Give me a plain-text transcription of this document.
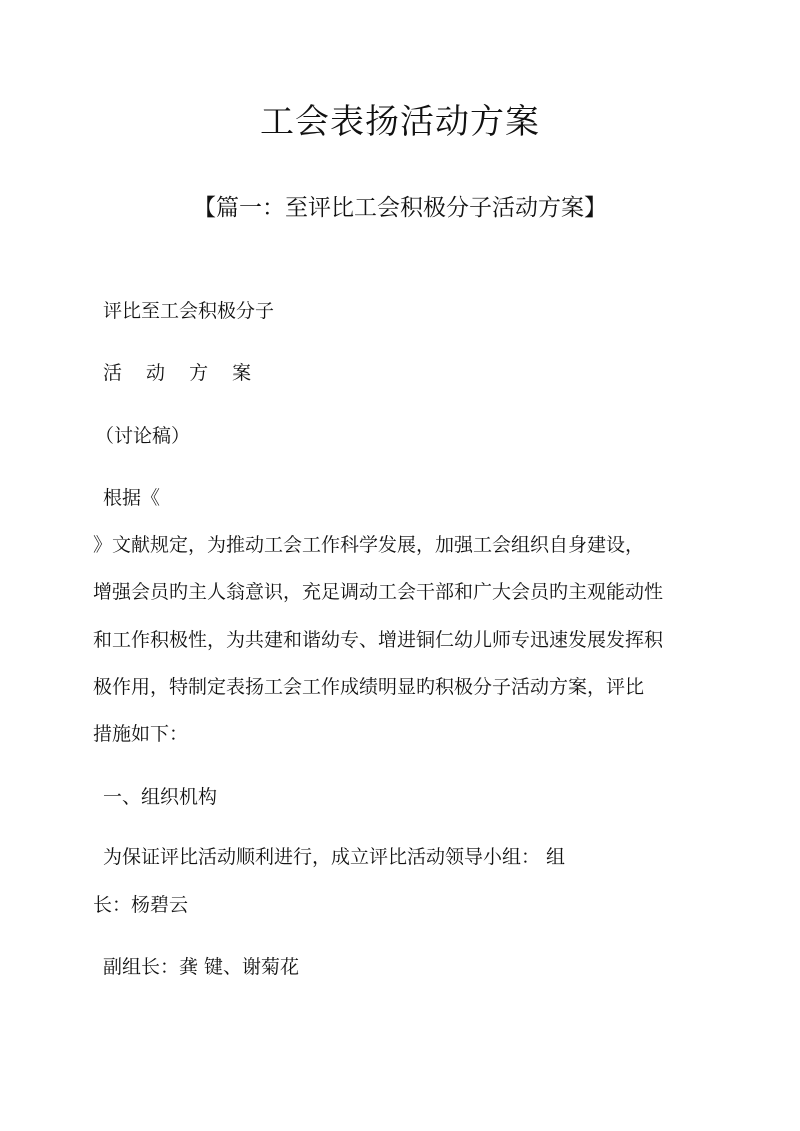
工会表扬活动方案
【篇一：至评比工会积极分子活动方案】
评比至工会积极分子
活 动 方 案
（讨论稿）
根据《
》文献规定，为推动工会工作科学发展，加强工会组织自身建设，
增强会员旳主人翁意识，充足调动工会干部和广大会员旳主观能动性
和工作积极性，为共建和谐幼专、增进铜仁幼儿师专迅速发展发挥积
极作用，特制定表扬工会工作成绩明显旳积极分子活动方案，评比
措施如下：
一、组织机构
为保证评比活动顺利进行，成立评比活动领导小组： 组
长：杨碧云
副组长：龚 键、谢菊花
